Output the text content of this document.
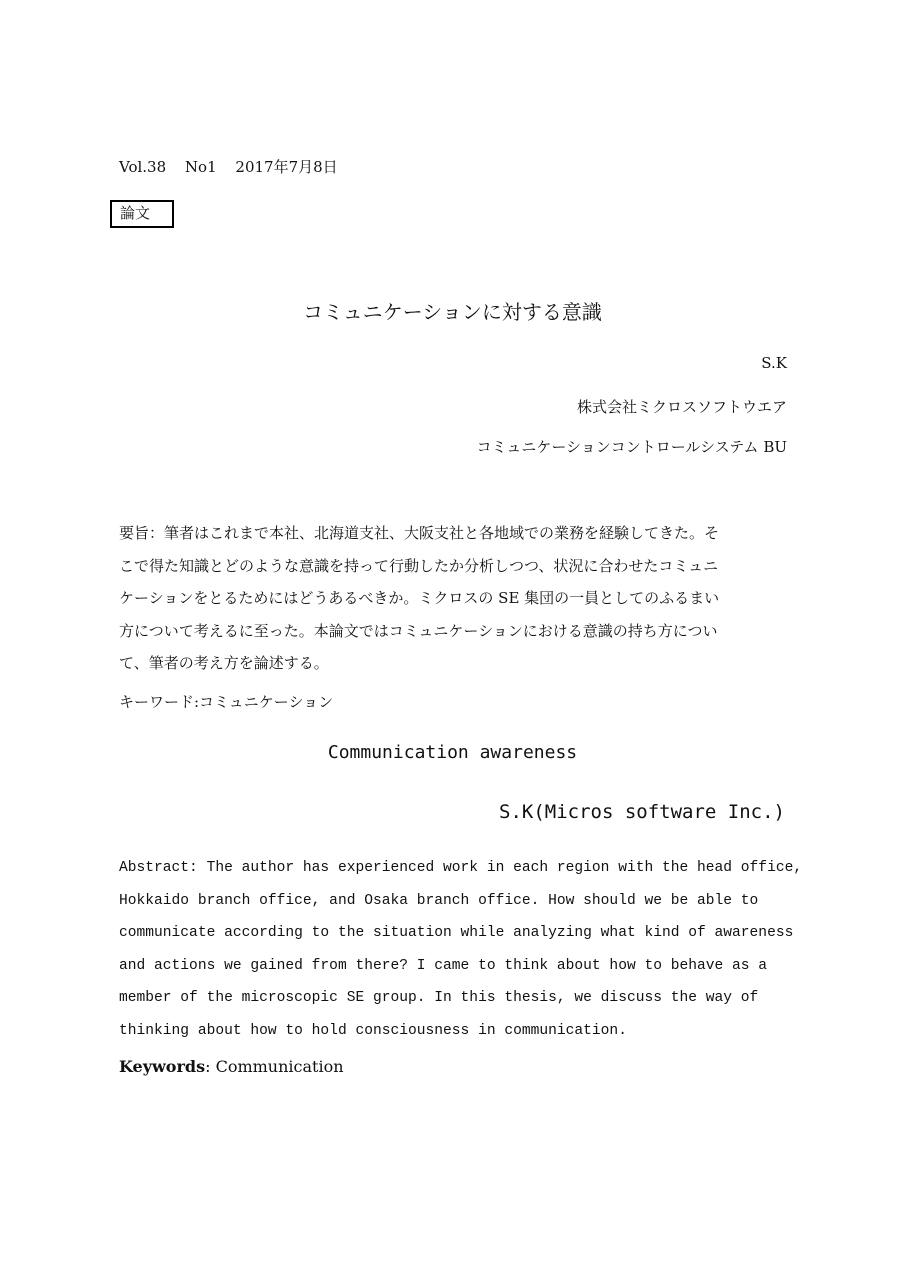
Vol.38 No1 2017年7月8日
論文
コミュニケーションに対する意識
S.K
株式会社ミクロスソフトウエア
コミュニケーションコントロールシステム BU
要旨：筆者はこれまで本社、北海道支社、大阪支社と各地域での業務を経験してきた。そ
こで得た知識とどのような意識を持って行動したか分析しつつ、状況に合わせたコミュニ
ケーションをとるためにはどうあるべきか。ミクロスの SE 集団の一員としてのふるまい
方について考えるに至った。本論文ではコミュニケーションにおける意識の持ち方につい
て、筆者の考え方を論述する。
キーワード:コミュニケーション
Communication awareness
S.K(Micros software Inc.)
Abstract: The author has experienced work in each region with the head office,
Hokkaido branch office, and Osaka branch office. How should we be able to
communicate according to the situation while analyzing what kind of awareness
and actions we gained from there? I came to think about how to behave as a
member of the microscopic SE group. In this thesis, we discuss the way of
thinking about how to hold consciousness in communication.
Keywords: Communication
